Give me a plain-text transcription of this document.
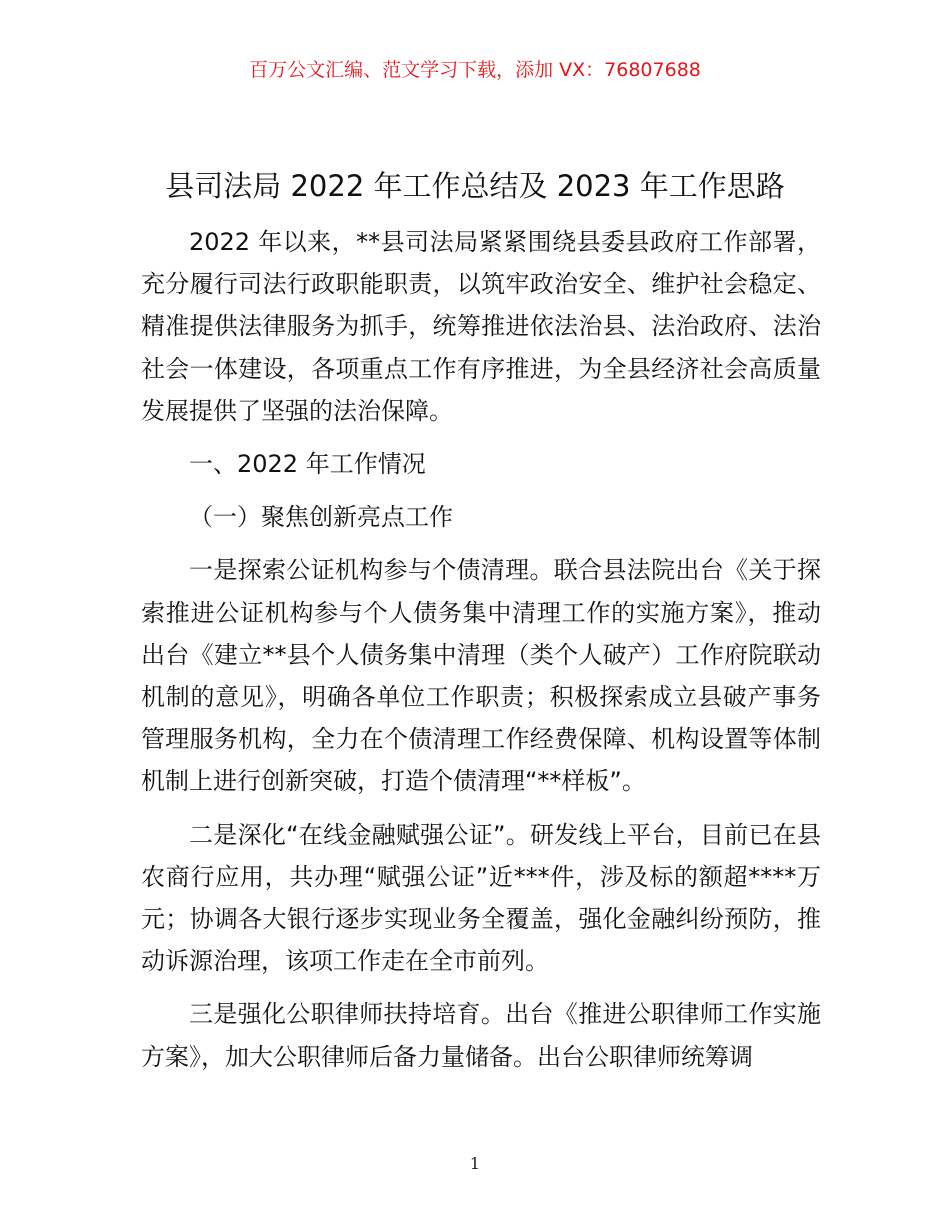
百万公文汇编、范文学习下载，添加 VX：76807688
县司法局 2022 年工作总结及 2023 年工作思路

2022 年以来，**县司法局紧紧围绕县委县政府工作部署，充分履行司法行政职能职责，以筑牢政治安全、维护社会稳定、精准提供法律服务为抓手，统筹推进依法治县、法治政府、法治社会一体建设，各项重点工作有序推进，为全县经济社会高质量发展提供了坚强的法治保障。

一、2022 年工作情况

（一）聚焦创新亮点工作

一是探索公证机构参与个债清理。联合县法院出台《关于探索推进公证机构参与个人债务集中清理工作的实施方案》，推动出台《建立**县个人债务集中清理（类个人破产）工作府院联动机制的意见》，明确各单位工作职责；积极探索成立县破产事务管理服务机构，全力在个债清理工作经费保障、机构设置等体制机制上进行创新突破，打造个债清理“**样板”。

二是深化“在线金融赋强公证”。研发线上平台，目前已在县农商行应用，共办理“赋强公证”近***件，涉及标的额超****万元；协调各大银行逐步实现业务全覆盖，强化金融纠纷预防，推动诉源治理，该项工作走在全市前列。

三是强化公职律师扶持培育。出台《推进公职律师工作实施方案》，加大公职律师后备力量储备。出台公职律师统筹调

1
